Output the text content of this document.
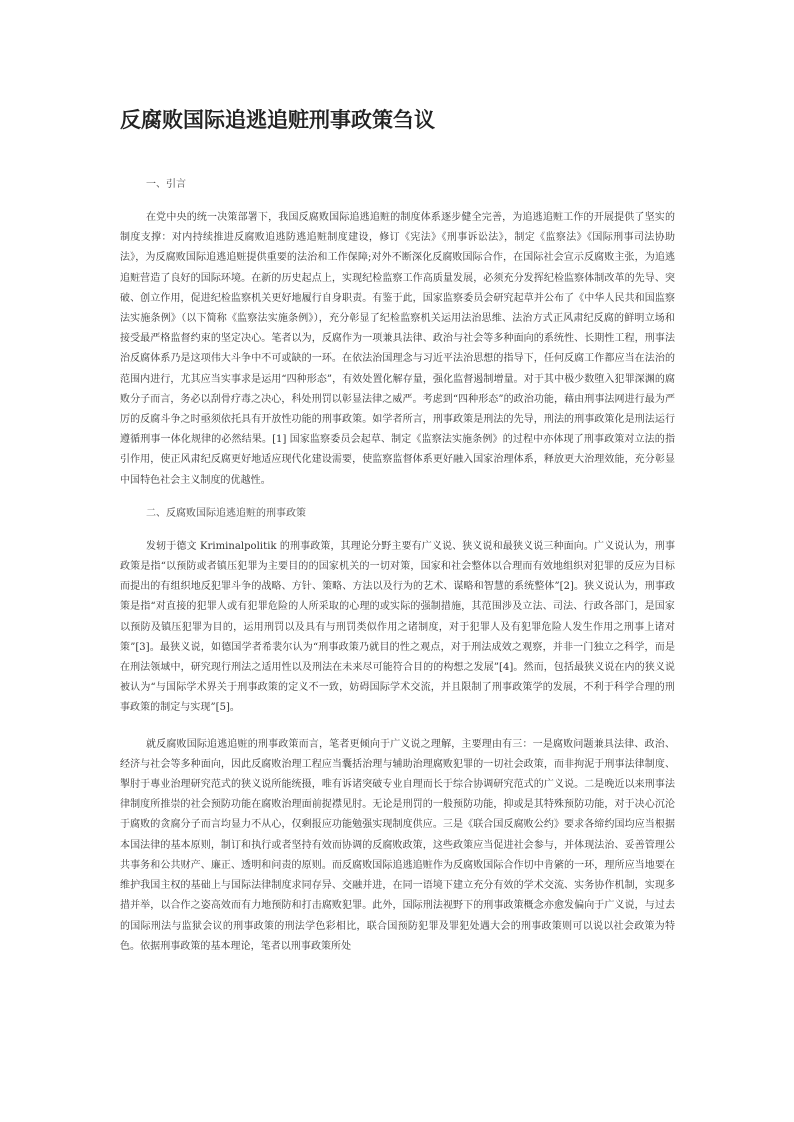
反腐败国际追逃追赃刑事政策刍议

一、引言

在党中央的统一决策部署下，我国反腐败国际追逃追赃的制度体系逐步健全完善，为追逃追赃工作的开展提供了坚实的制度支撑：对内持续推进反腐败追逃防逃追赃制度建设，修订《宪法》《刑事诉讼法》，制定《监察法》《国际刑事司法协助法》，为反腐败国际追逃追赃提供重要的法治和工作保障;对外不断深化反腐败国际合作，在国际社会宣示反腐败主张，为追逃追赃营造了良好的国际环境。在新的历史起点上，实现纪检监察工作高质量发展，必须充分发挥纪检监察体制改革的先导、突破、创立作用，促进纪检监察机关更好地履行自身职责。有鉴于此，国家监察委员会研究起草并公布了《中华人民共和国监察法实施条例》（以下简称《监察法实施条例》），充分彰显了纪检监察机关运用法治思维、法治方式正风肃纪反腐的鲜明立场和接受最严格监督约束的坚定决心。笔者以为，反腐作为一项兼具法律、政治与社会等多种面向的系统性、长期性工程，刑事法治反腐体系乃是这项伟大斗争中不可或缺的一环。在依法治国理念与习近平法治思想的指导下，任何反腐工作都应当在法治的范围内进行，尤其应当实事求是运用“四种形态”，有效处置化解存量，强化监督遏制增量。对于其中极少数堕入犯罪深渊的腐败分子而言，务必以刮骨疗毒之决心，科处刑罚以彰显法律之威严。考虑到“四种形态”的政治功能，藉由刑事法网进行最为严厉的反腐斗争之时亟须依托具有开放性功能的刑事政策。如学者所言，刑事政策是刑法的先导，刑法的刑事政策化是刑法运行遵循刑事一体化规律的必然结果。[1] 国家监察委员会起草、制定《监察法实施条例》的过程中亦体现了刑事政策对立法的指引作用，使正风肃纪反腐更好地适应现代化建设需要，使监察监督体系更好融入国家治理体系，释放更大治理效能，充分彰显中国特色社会主义制度的优越性。

二、反腐败国际追逃追赃的刑事政策

发轫于德文 Kriminalpolitik 的刑事政策，其理论分野主要有广义说、狭义说和最狭义说三种面向。广义说认为，刑事政策是指“以预防或者镇压犯罪为主要目的的国家机关的一切对策，国家和社会整体以合理而有效地组织对犯罪的反应为目标而提出的有组织地反犯罪斗争的战略、方针、策略、方法以及行为的艺术、谋略和智慧的系统整体”[2]。狭义说认为，刑事政策是指“对直接的犯罪人或有犯罪危险的人所采取的心理的或实际的强制措施，其范围涉及立法、司法、行政各部门，是国家以预防及镇压犯罪为目的，运用刑罚以及具有与刑罚类似作用之诸制度，对于犯罪人及有犯罪危险人发生作用之刑事上诸对策”[3]。最狭义说，如德国学者希裴尔认为“刑事政策乃就目的性之观点，对于刑法成效之观察，并非一门独立之科学，而是在刑法领域中，研究现行刑法之适用性以及刑法在未来尽可能符合目的的构想之发展”[4]。然而，包括最狭义说在内的狭义说被认为“与国际学术界关于刑事政策的定义不一致，妨碍国际学术交流，并且限制了刑事政策学的发展，不利于科学合理的刑事政策的制定与实现”[5]。

就反腐败国际追逃追赃的刑事政策而言，笔者更倾向于广义说之理解，主要理由有三：一是腐败问题兼具法律、政治、经济与社会等多种面向，因此反腐败治理工程应当囊括治理与辅助治理腐败犯罪的一切社会政策，而非拘泥于刑事法律制度、掣肘于專业治理研究范式的狭义说所能统摄，唯有诉诸突破专业自理而长于综合协调研究范式的广义说。二是晚近以来刑事法律制度所推崇的社会预防功能在腐败治理面前捉襟见肘。无论是刑罚的一般预防功能，抑或是其特殊预防功能，对于决心沉沦于腐败的贪腐分子而言均显力不从心，仅剩报应功能勉强实现制度供应。三是《联合国反腐败公约》要求各缔约国均应当根据本国法律的基本原则，制订和执行或者坚持有效而协调的反腐败政策，这些政策应当促进社会参与，并体现法治、妥善管理公共事务和公共财产、廉正、透明和问责的原则。而反腐败国际追逃追赃作为反腐败国际合作切中肯綮的一环，理所应当地要在维护我国主权的基础上与国际法律制度求同存异、交融并进，在同一语境下建立充分有效的学术交流、实务协作机制，实现多措并举，以合作之姿高效而有力地预防和打击腐败犯罪。此外，国际刑法视野下的刑事政策概念亦愈发偏向于广义说，与过去的国际刑法与监狱会议的刑事政策的刑法学色彩相比，联合国预防犯罪及罪犯处遇大会的刑事政策则可以说以社会政策为特色。依据刑事政策的基本理论，笔者以刑事政策所处
